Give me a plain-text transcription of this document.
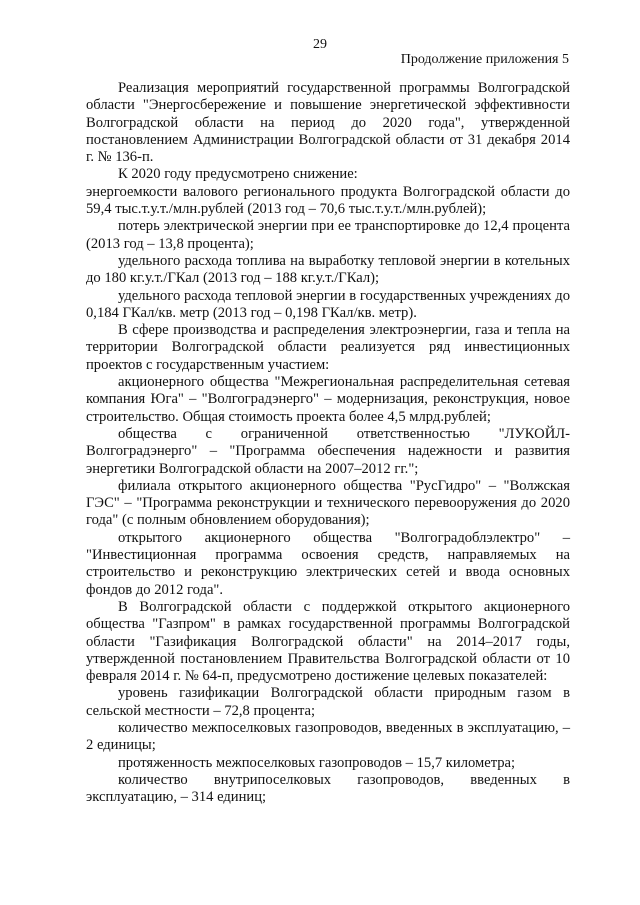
29
Продолжение приложения 5

Реализация мероприятий государственной программы Волгоградской области "Энергосбережение и повышение энергетической эффективности Волгоградской области на период до 2020 года", утвержденной постановлением Администрации Волгоградской области от 31 декабря 2014 г. № 136-п.

К 2020 году предусмотрено снижение:

энергоемкости валового регионального продукта Волгоградской области до 59,4 тыс.т.у.т./млн.рублей (2013 год – 70,6 тыс.т.у.т./млн.рублей);

потерь электрической энергии при ее транспортировке до 12,4 процента (2013 год – 13,8 процента);

удельного расхода топлива на выработку тепловой энергии в котельных до 180 кг.у.т./ГКал (2013 год – 188 кг.у.т./ГКал);

удельного расхода тепловой энергии в государственных учреждениях до 0,184 ГКал/кв. метр (2013 год – 0,198 ГКал/кв. метр).

В сфере производства и распределения электроэнергии, газа и тепла на территории Волгоградской области реализуется ряд инвестиционных проектов с государственным участием:

акционерного общества "Межрегиональная распределительная сетевая компания Юга" – "Волгоградэнерго" – модернизация, реконструкция, новое строительство. Общая стоимость проекта более 4,5 млрд.рублей;

общества с ограниченной ответственностью "ЛУКОЙЛ-Волгоградэнерго" – "Программа обеспечения надежности и развития энергетики Волгоградской области на 2007–2012 гг.";

филиала открытого акционерного общества "РусГидро" – "Волжская ГЭС" – "Программа реконструкции и технического перевооружения до 2020 года" (с полным обновлением оборудования);

открытого акционерного общества "Волгоградоблэлектро" – "Инвестиционная программа освоения средств, направляемых на строительство и реконструкцию электрических сетей и ввода основных фондов до 2012 года".

В Волгоградской области с поддержкой открытого акционерного общества "Газпром" в рамках государственной программы Волгоградской области "Газификация Волгоградской области" на 2014–2017 годы, утвержденной постановлением Правительства Волгоградской области от 10 февраля 2014 г. № 64-п, предусмотрено достижение целевых показателей:

уровень газификации Волгоградской области природным газом в сельской местности – 72,8 процента;

количество межпоселковых газопроводов, введенных в эксплуатацию, – 2 единицы;

протяженность межпоселковых газопроводов – 15,7 километра;

количество внутрипоселковых газопроводов, введенных в эксплуатацию, – 314 единиц;
